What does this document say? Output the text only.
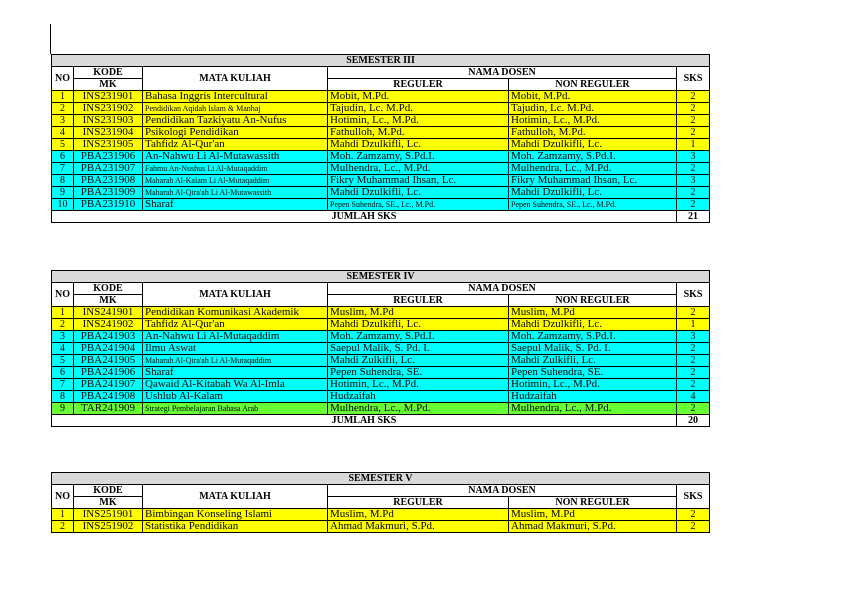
SEMESTER III					
NO	KODE	MATA KULIAH	NAMA DOSEN		SKS
	MK		REGULER	NON REGULER	
1	INS231901	Bahasa Inggris Intercultural	Mobit, M.Pd.	Mobit, M.Pd.	2
2	INS231902	Pendidikan Aqidah Islam & Manhaj	Tajudin, Lc. M.Pd.	Tajudin, Lc. M.Pd.	2
3	INS231903	Pendidikan Tazkiyatu An-Nufus	Hotimin, Lc., M.Pd.	Hotimin, Lc., M.Pd.	2
4	INS231904	Psikologi Pendidikan	Fathulloh, M.Pd.	Fathulloh, M.Pd.	2
5	INS231905	Tahfidz Al-Qur'an	Mahdi Dzulkifli, Lc.	Mahdi Dzulkifli, Lc.	1
6	PBA231906	An-Nahwu Li Al-Mutawassith	Moh. Zamzamy, S.Pd.I.	Moh. Zamzamy, S.Pd.I.	3
7	PBA231907	Fahmu An-Nushus Li Al-Mutaqaddim	Mulhendra, Lc., M.Pd.	Mulhendra, Lc., M.Pd.	2
8	PBA231908	Maharah Al-Kalam Li Al-Mutaqaddim	Fikry Muhammad Ihsan, Lc.	Fikry Muhammad Ihsan, Lc.	3
9	PBA231909	Maharah Al-Qira'ah Li Al-Mutawassith	Mahdi Dzulkifli, Lc.	Mahdi Dzulkifli, Lc.	2
10	PBA231910	Sharaf	Pepen Suhendra, SE., Lc., M.Pd.	Pepen Suhendra, SE., Lc., M.Pd.	2
JUMLAH SKS					21
SEMESTER IV					
NO	KODE	MATA KULIAH	NAMA DOSEN		SKS
	MK		REGULER	NON REGULER	
1	INS241901	Pendidikan Komunikasi Akademik	Muslim, M.Pd	Muslim, M.Pd	2
2	INS241902	Tahfidz Al-Qur'an	Mahdi Dzulkifli, Lc.	Mahdi Dzulkifli, Lc.	1
3	PBA241903	An-Nahwu Li Al-Mutaqaddim	Moh. Zamzamy, S.Pd.I.	Moh. Zamzamy, S.Pd.I.	3
4	PBA241904	Ilmu Aswat	Saepul Malik, S. Pd. I.	Saepul Malik, S. Pd. I.	2
5	PBA241905	Maharah Al-Qira'ah Li Al-Mutaqaddim	Mahdi Zulkifli, Lc.	Mahdi Zulkifli, Lc.	2
6	PBA241906	Sharaf	Pepen Suhendra, SE.	Pepen Suhendra, SE.	2
7	PBA241907	Qawaid Al-Kitabah Wa Al-Imla	Hotimin, Lc., M.Pd.	Hotimin, Lc., M.Pd.	2
8	PBA241908	Ushlub Al-Kalam	Hudzaifah	Hudzaifah	4
9	TAR241909	Strategi Pembelajaran Bahasa Arab	Mulhendra, Lc., M.Pd.	Mulhendra, Lc., M.Pd.	2
JUMLAH SKS					20
SEMESTER V					
NO	KODE	MATA KULIAH	NAMA DOSEN		SKS
	MK		REGULER	NON REGULER	
1	INS251901	Bimbingan Konseling Islami	Muslim, M.Pd	Muslim, M.Pd	2
2	INS251902	Statistika Pendidikan	Ahmad Makmuri, S.Pd.	Ahmad Makmuri, S.Pd.	2
